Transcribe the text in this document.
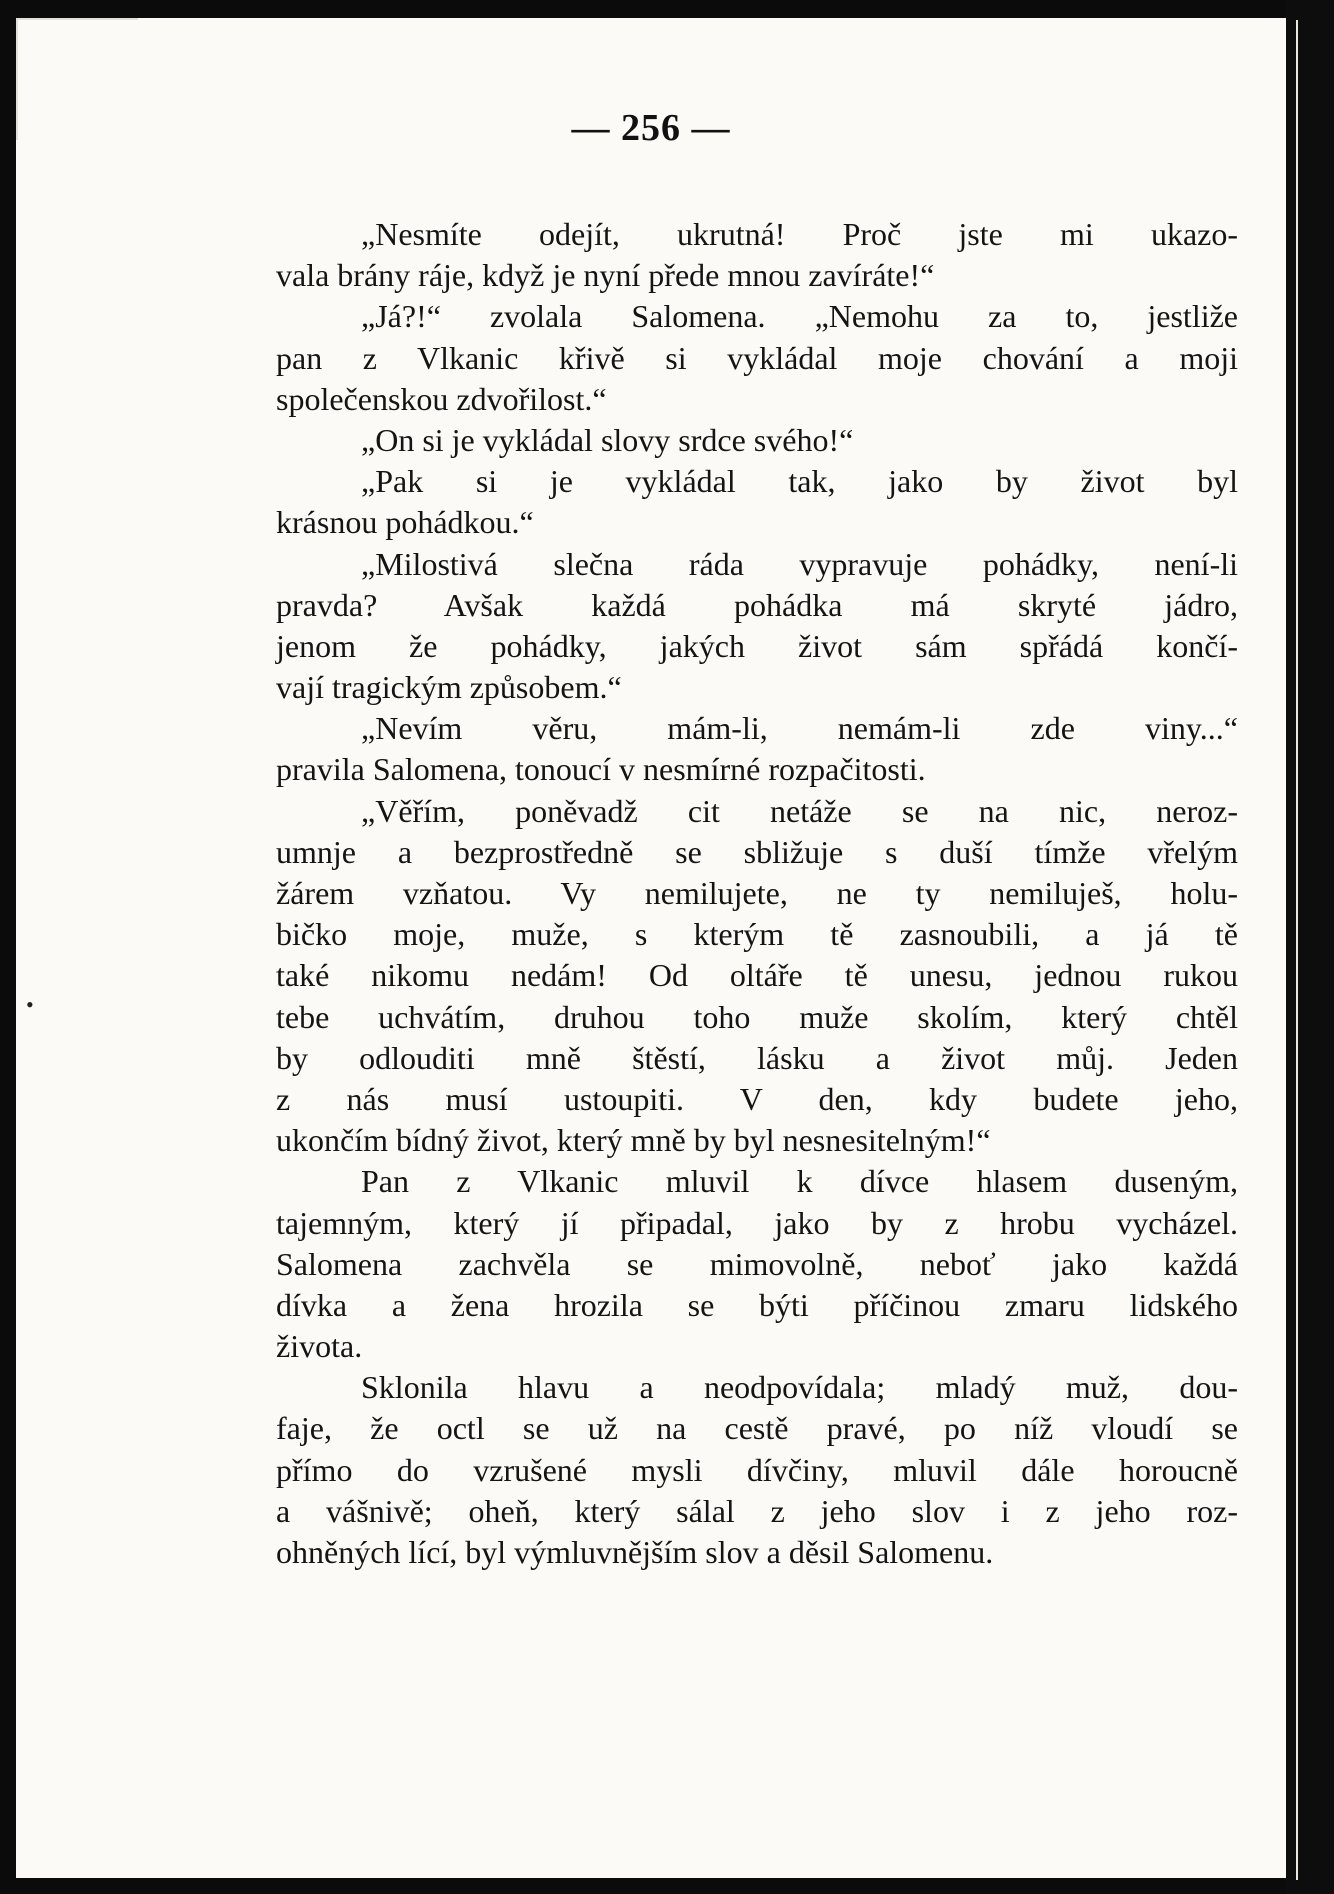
— 256 —
„Nesmíte odejít, ukrutná! Proč jste mi ukazo-
vala brány ráje, když je nyní přede mnou zavíráte!“
„Já?!“ zvolala Salomena. „Nemohu za to, jestliže
pan z Vlkanic křivě si vykládal moje chování a moji
společenskou zdvořilost.“
„On si je vykládal slovy srdce svého!“
„Pak si je vykládal tak, jako by život byl
krásnou pohádkou.“
„Milostivá slečna ráda vypravuje pohádky, není-li
pravda? Avšak každá pohádka má skryté jádro,
jenom že pohádky, jakých život sám spřádá končí-
vají tragickým způsobem.“
„Nevím věru, mám-li, nemám-li zde viny...“
pravila Salomena, tonoucí v nesmírné rozpačitosti.
„Věřím, poněvadž cit netáže se na nic, neroz-
umnje a bezprostředně se sbližuje s duší tímže vřelým
žárem vzňatou. Vy nemilujete, ne ty nemiluješ, holu-
bičko moje, muže, s kterým tě zasnoubili, a já tě
také nikomu nedám! Od oltáře tě unesu, jednou rukou
tebe uchvátím, druhou toho muže skolím, který chtěl
by odlouditi mně štěstí, lásku a život můj. Jeden
z nás musí ustoupiti. V den, kdy budete jeho,
ukončím bídný život, který mně by byl nesnesitelným!“
Pan z Vlkanic mluvil k dívce hlasem duseným,
tajemným, který jí připadal, jako by z hrobu vycházel.
Salomena zachvěla se mimovolně, neboť jako každá
dívka a žena hrozila se býti příčinou zmaru lidského
života.
Sklonila hlavu a neodpovídala; mladý muž, dou-
faje, že octl se už na cestě pravé, po níž vloudí se
přímo do vzrušené mysli dívčiny, mluvil dále horoucně
a vášnivě; oheň, který sálal z jeho slov i z jeho roz-
ohněných lící, byl výmluvnějším slov a děsil Salomenu.
•
